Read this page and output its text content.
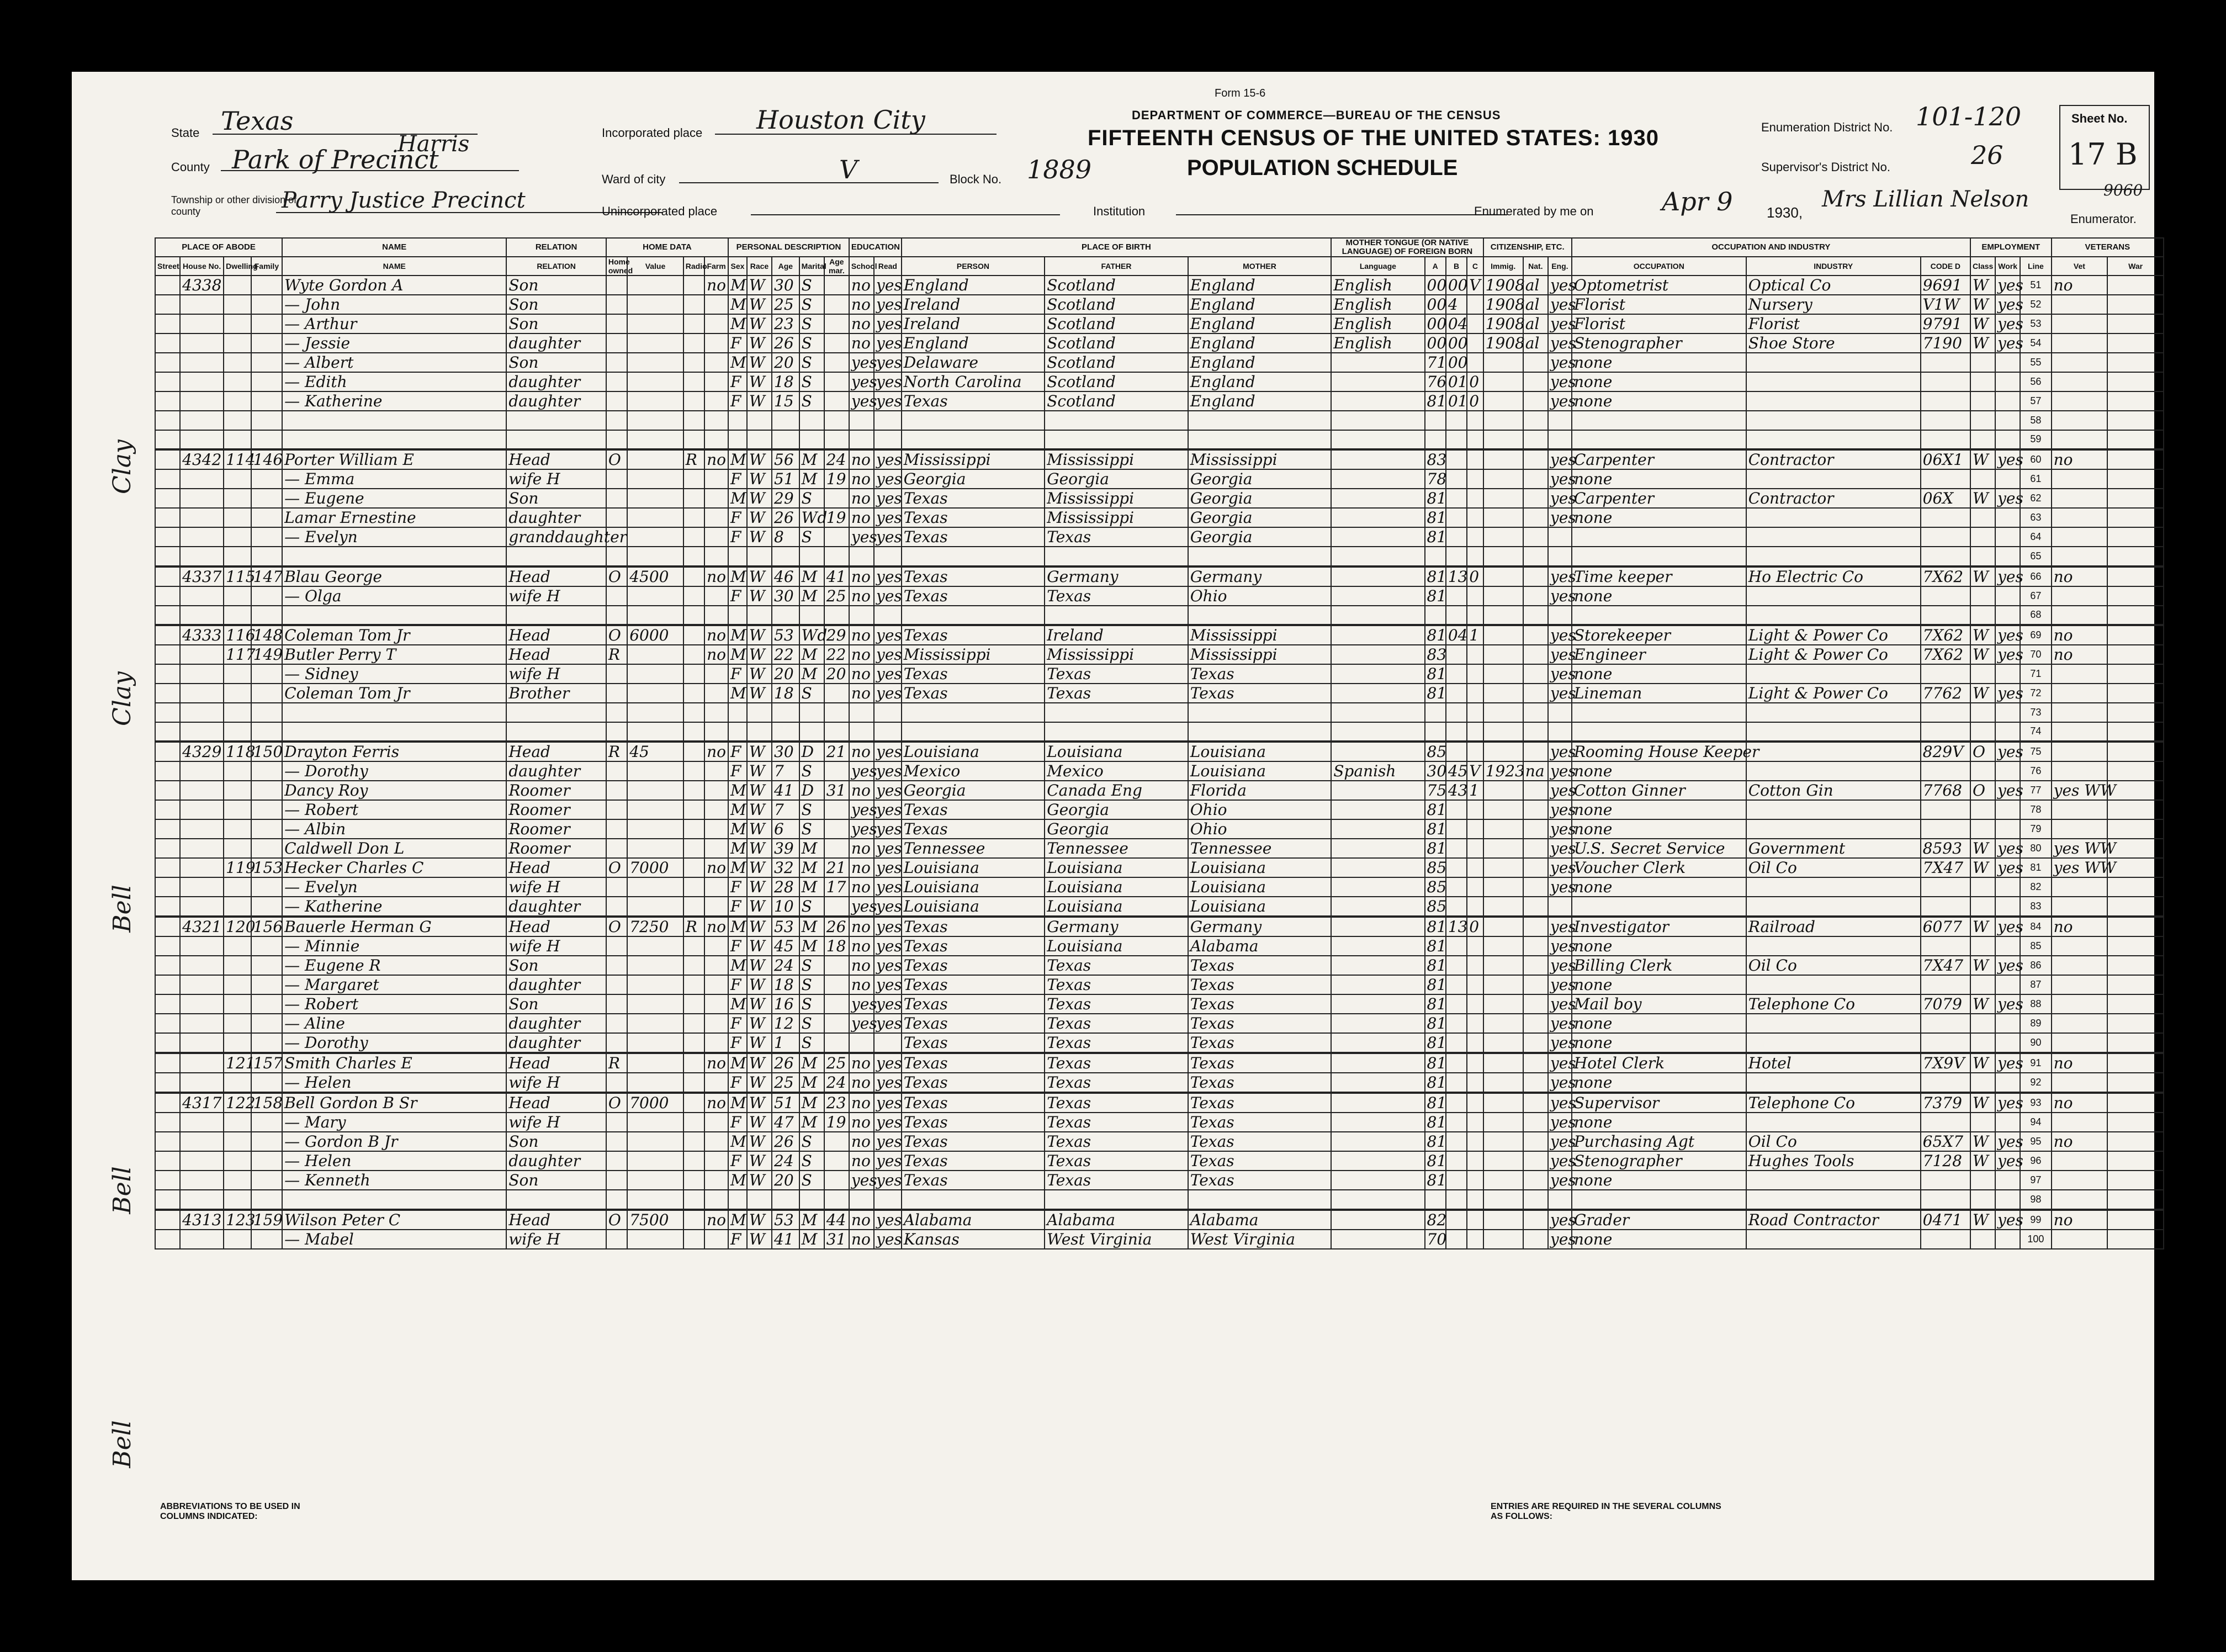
Form 15-6
DEPARTMENT OF COMMERCE—BUREAU OF THE CENSUS
FIFTEENTH CENSUS OF THE UNITED STATES: 1930
POPULATION SCHEDULE
State Texas
Harris
County Park of Precinct
Township or other division of county	Parry Justice Precinct
Incorporated place Houston City
Ward of city	V	Block No. 1889
Unincorporated place	Institution
Enumeration District No. 101-120
Supervisor's District No.	26
Sheet No.
17 B
Enumerated by me on	Apr 9 1930,
Mrs Lillian Nelson
Enumerator.
9060
Clay
Clay
Bell
Bell
Bell
PLACE OF ABODE				NAME	RELATION	HOME DATA				PERSONAL DESCRIPTION					EDUCATION		PLACE OF BIRTH			MOTHER TONGUE (OR NATIVE LANGUAGE) OF FOREIGN BORN				CITIZENSHIP, ETC.			OCCUPATION AND INDUSTRY			EMPLOYMENT			VETERANS	
Street	House No.	Dwelling	Family	NAME	RELATION	Home owned	Value	Radio	Farm	Sex	Race	Age	Marital	Age mar.	School	Read	PERSON	FATHER	MOTHER	Language	A	B	C	Immig.	Nat.	Eng.	OCCUPATION	INDUSTRY	CODE D	Class	Work	Line	Vet	War
	4338			Wyte Gordon A	Son				no	M	W	30	S		no	yes	England	Scotland	England	English	00	00	V	1908	al	yes	Optometrist	Optical Co	9691	W	yes	51	no	
				— John	Son					M	W	25	S		no	yes	Ireland	Scotland	England	English	00	4		1908	al	yes	Florist	Nursery	V1W	W	yes	52		
				— Arthur	Son					M	W	23	S		no	yes	Ireland	Scotland	England	English	00	04		1908	al	yes	Florist	Florist	9791	W	yes	53		
				— Jessie	daughter					F	W	26	S		no	yes	England	Scotland	England	English	00	00		1908	al	yes	Stenographer	Shoe Store	7190	W	yes	54		
				— Albert	Son					M	W	20	S		yes	yes	Delaware	Scotland	England		71	00				yes	none					55		
				— Edith	daughter					F	W	18	S		yes	yes	North Carolina	Scotland	England		76	01	0			yes	none					56		
				— Katherine	daughter					F	W	15	S		yes	yes	Texas	Scotland	England		81	01	0			yes	none					57		
																																58		
																																59		
	4342	114	146	Porter William E	Head	O		R	no	M	W	56	M	24	no	yes	Mississippi	Mississippi	Mississippi		83					yes	Carpenter	Contractor	06X1	W	yes	60	no	
				— Emma	wife H					F	W	51	M	19	no	yes	Georgia	Georgia	Georgia		78					yes	none					61		
				— Eugene	Son					M	W	29	S		no	yes	Texas	Mississippi	Georgia		81					yes	Carpenter	Contractor	06X	W	yes	62		
				Lamar Ernestine	daughter					F	W	26	Wd	19	no	yes	Texas	Mississippi	Georgia		81					yes	none					63		
				— Evelyn	granddaughter					F	W	8	S		yes	yes	Texas	Texas	Georgia		81											64		
																																65		
	4337	115	147	Blau George	Head	O	4500		no	M	W	46	M	41	no	yes	Texas	Germany	Germany		81	13	0			yes	Time keeper	Ho Electric Co	7X62	W	yes	66	no	
				— Olga	wife H					F	W	30	M	25	no	yes	Texas	Texas	Ohio		81					yes	none					67		
																																68		
	4333	116	148	Coleman Tom Jr	Head	O	6000		no	M	W	53	Wd	29	no	yes	Texas	Ireland	Mississippi		81	04	1			yes	Storekeeper	Light & Power Co	7X62	W	yes	69	no	
		117	149	Butler Perry T	Head	R			no	M	W	22	M	22	no	yes	Mississippi	Mississippi	Mississippi		83					yes	Engineer	Light & Power Co	7X62	W	yes	70	no	
				— Sidney	wife H					F	W	20	M	20	no	yes	Texas	Texas	Texas		81					yes	none					71		
				Coleman Tom Jr	Brother					M	W	18	S		no	yes	Texas	Texas	Texas		81					yes	Lineman	Light & Power Co	7762	W	yes	72		
																																73		
																																74		
	4329	118	150	Drayton Ferris	Head	R	45		no	F	W	30	D	21	no	yes	Louisiana	Louisiana	Louisiana		85					yes	Rooming House Keeper		829V	O	yes	75		
				— Dorothy	daughter					F	W	7	S		yes	yes	Mexico	Mexico	Louisiana	Spanish	30	45	V	1923	na	yes	none					76		
				Dancy Roy	Roomer					M	W	41	D	31	no	yes	Georgia	Canada Eng	Florida		75	43	1			yes	Cotton Ginner	Cotton Gin	7768	O	yes	77	yes WW	
				— Robert	Roomer					M	W	7	S		yes	yes	Texas	Georgia	Ohio		81					yes	none					78		
				— Albin	Roomer					M	W	6	S		yes	yes	Texas	Georgia	Ohio		81					yes	none					79		
				Caldwell Don L	Roomer					M	W	39	M		no	yes	Tennessee	Tennessee	Tennessee		81					yes	U.S. Secret Service	Government	8593	W	yes	80	yes WW	
		119	153	Hecker Charles C	Head	O	7000		no	M	W	32	M	21	no	yes	Louisiana	Louisiana	Louisiana		85					yes	Voucher Clerk	Oil Co	7X47	W	yes	81	yes WW	
				— Evelyn	wife H					F	W	28	M	17	no	yes	Louisiana	Louisiana	Louisiana		85					yes	none					82		
				— Katherine	daughter					F	W	10	S		yes	yes	Louisiana	Louisiana	Louisiana		85											83		
	4321	120	156	Bauerle Herman G	Head	O	7250	R	no	M	W	53	M	26	no	yes	Texas	Germany	Germany		81	13	0			yes	Investigator	Railroad	6077	W	yes	84	no	
				— Minnie	wife H					F	W	45	M	18	no	yes	Texas	Louisiana	Alabama		81					yes	none					85		
				— Eugene R	Son					M	W	24	S		no	yes	Texas	Texas	Texas		81					yes	Billing Clerk	Oil Co	7X47	W	yes	86		
				— Margaret	daughter					F	W	18	S		no	yes	Texas	Texas	Texas		81					yes	none					87		
				— Robert	Son					M	W	16	S		yes	yes	Texas	Texas	Texas		81					yes	Mail boy	Telephone Co	7079	W	yes	88		
				— Aline	daughter					F	W	12	S		yes	yes	Texas	Texas	Texas		81					yes	none					89		
				— Dorothy	daughter					F	W	1	S				Texas	Texas	Texas		81					yes	none					90		
		121	157	Smith Charles E	Head	R			no	M	W	26	M	25	no	yes	Texas	Texas	Texas		81					yes	Hotel Clerk	Hotel	7X9V	W	yes	91	no	
				— Helen	wife H					F	W	25	M	24	no	yes	Texas	Texas	Texas		81					yes	none					92		
	4317	122	158	Bell Gordon B Sr	Head	O	7000		no	M	W	51	M	23	no	yes	Texas	Texas	Texas		81					yes	Supervisor	Telephone Co	7379	W	yes	93	no	
				— Mary	wife H					F	W	47	M	19	no	yes	Texas	Texas	Texas		81					yes	none					94		
				— Gordon B Jr	Son					M	W	26	S		no	yes	Texas	Texas	Texas		81					yes	Purchasing Agt	Oil Co	65X7	W	yes	95	no	
				— Helen	daughter					F	W	24	S		no	yes	Texas	Texas	Texas		81					yes	Stenographer	Hughes Tools	7128	W	yes	96		
				— Kenneth	Son					M	W	20	S		yes	yes	Texas	Texas	Texas		81					yes	none					97		
																																98		
	4313	123	159	Wilson Peter C	Head	O	7500		no	M	W	53	M	44	no	yes	Alabama	Alabama	Alabama		82					yes	Grader	Road Contractor	0471	W	yes	99	no	
				— Mabel	wife H					F	W	41	M	31	no	yes	Kansas	West Virginia	West Virginia		70					yes	none					100		
ABBREVIATIONS TO BE USED IN COLUMNS INDICATED:
ENTRIES ARE REQUIRED IN THE SEVERAL COLUMNS AS FOLLOWS:
